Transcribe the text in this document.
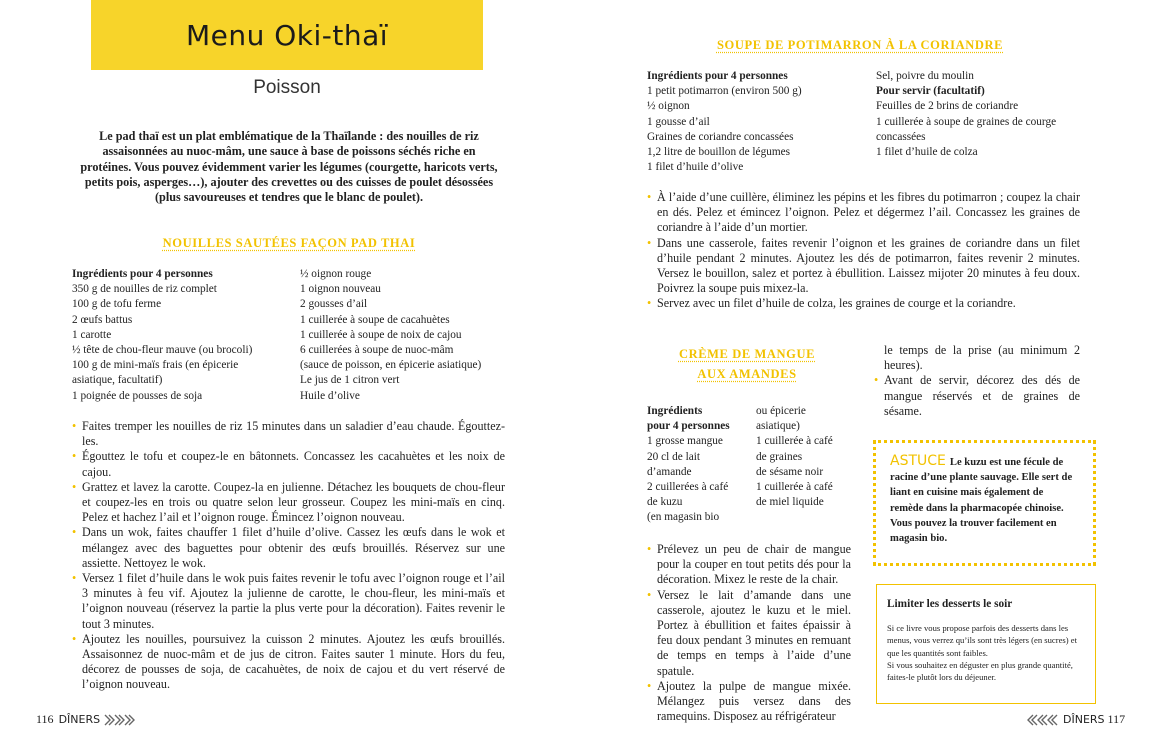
Menu Oki-thaï
Poisson
Le pad thaï est un plat emblématique de la Thaïlande : des nouilles de riz assaisonnées au nuoc-mâm, une sauce à base de poissons séchés riche en protéines. Vous pouvez évidemment varier les légumes (courgette, haricots verts, petits pois, asperges…), ajouter des crevettes ou des cuisses de poulet désossées (plus savoureuses et tendres que le blanc de poulet).
NOUILLES SAUTÉES FAÇON PAD THAI
Ingrédients pour 4 personnes
350 g de nouilles de riz complet
100 g de tofu ferme
2 œufs battus
1 carotte
½ tête de chou-fleur mauve (ou brocoli)
100 g de mini-maïs frais (en épicerie
asiatique, facultatif)
1 poignée de pousses de soja
½ oignon rouge
1 oignon nouveau
2 gousses d’ail
1 cuillerée à soupe de cacahuètes
1 cuillerée à soupe de noix de cajou
6 cuillerées à soupe de nuoc-mâm
(sauce de poisson, en épicerie asiatique)
Le jus de 1 citron vert
Huile d’olive
• Faites tremper les nouilles de riz 15 minutes dans un saladier d’eau chaude. Égouttez-les.
• Égouttez le tofu et coupez-le en bâtonnets. Concassez les cacahuètes et les noix de cajou.
• Grattez et lavez la carotte. Coupez-la en julienne. Détachez les bouquets de chou-fleur et coupez-les en trois ou quatre selon leur grosseur. Coupez les mini-maïs en cinq. Pelez et hachez l’ail et l’oignon rouge. Émincez l’oignon nouveau.
• Dans un wok, faites chauffer 1 filet d’huile d’olive. Cassez les œufs dans le wok et mélangez avec des baguettes pour obtenir des œufs brouillés. Réservez sur une assiette. Nettoyez le wok.
• Versez 1 filet d’huile dans le wok puis faites revenir le tofu avec l’oignon rouge et l’ail 3 minutes à feu vif. Ajoutez la julienne de carotte, le chou-fleur, les mini-maïs et l’oignon nouveau (réservez la partie la plus verte pour la décoration). Faites revenir le tout 3 minutes.
• Ajoutez les nouilles, poursuivez la cuisson 2 minutes. Ajoutez les œufs brouillés. Assaisonnez de nuoc-mâm et de jus de citron. Faites sauter 1 minute. Hors du feu, décorez de pousses de soja, de cacahuètes, de noix de cajou et du vert réservé de l’oignon nouveau.
116 DÎNERS
SOUPE DE POTIMARRON À LA CORIANDRE
Ingrédients pour 4 personnes
1 petit potimarron (environ 500 g)
½ oignon
1 gousse d’ail
Graines de coriandre concassées
1,2 litre de bouillon de légumes
1 filet d’huile d’olive
Sel, poivre du moulin
Pour servir (facultatif)
Feuilles de 2 brins de coriandre
1 cuillerée à soupe de graines de courge
concassées
1 filet d’huile de colza
• À l’aide d’une cuillère, éliminez les pépins et les fibres du potimarron ; coupez la chair en dés. Pelez et émincez l’oignon. Pelez et dégermez l’ail. Concassez les graines de coriandre à l’aide d’un mortier.
• Dans une casserole, faites revenir l’oignon et les graines de coriandre dans un filet d’huile pendant 2 minutes. Ajoutez les dés de potimarron, faites revenir 2 minutes. Versez le bouillon, salez et portez à ébullition. Laissez mijoter 20 minutes à feu doux. Poivrez la soupe puis mixez-la.
• Servez avec un filet d’huile de colza, les graines de courge et la coriandre.
CRÈME DE MANGUE
AUX AMANDES
Ingrédients
pour 4 personnes
1 grosse mangue
20 cl de lait
d’amande
2 cuillerées à café
de kuzu
(en magasin bio
ou épicerie
asiatique)
1 cuillerée à café
de graines
de sésame noir
1 cuillerée à café
de miel liquide
• Prélevez un peu de chair de mangue pour la couper en tout petits dés pour la décoration. Mixez le reste de la chair.
• Versez le lait d’amande dans une casserole, ajoutez le kuzu et le miel. Portez à ébullition et faites épaissir à feu doux pendant 3 minutes en remuant de temps en temps à l’aide d’une spatule.
• Ajoutez la pulpe de mangue mixée. Mélangez puis versez dans des ramequins. Disposez au réfrigérateur
le temps de la prise (au minimum 2 heures).
• Avant de servir, décorez des dés de mangue réservés et de graines de sésame.
ASTUCE Le kuzu est une fécule de racine d’une plante sauvage. Elle sert de liant en cuisine mais également de remède dans la pharmacopée chinoise. Vous pouvez la trouver facilement en magasin bio.
Limiter les desserts le soir
Si ce livre vous propose parfois des desserts dans les menus, vous verrez qu’ils sont très légers (en sucres) et que les quantités sont faibles.
Si vous souhaitez en déguster en plus grande quantité, faites-le plutôt lors du déjeuner.
DÎNERS 117
